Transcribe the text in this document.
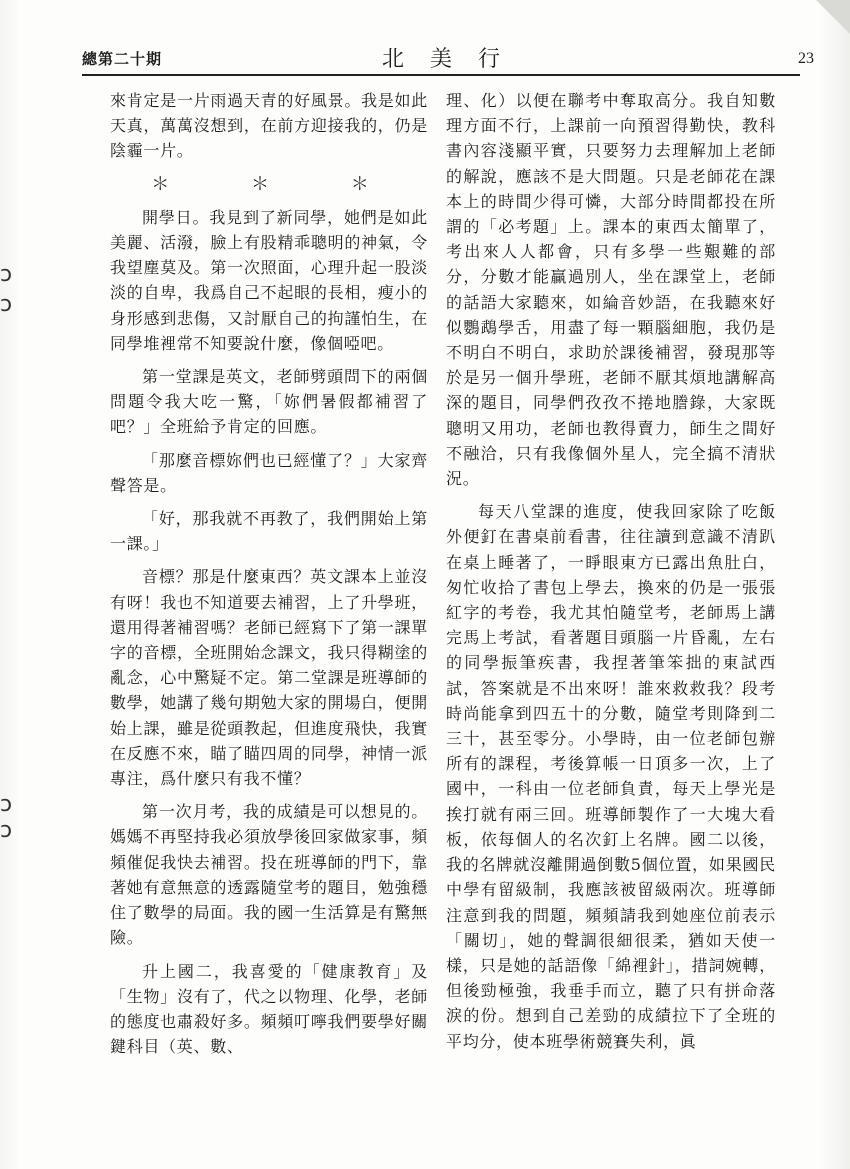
ↄ
ↄ
ↄ
ↄ
總第二十期	北美行	23

來肯定是一片雨過天青的好風景。我是如此天真，萬萬沒想到，在前方迎接我的，仍是陰霾一片。

＊ ＊ ＊

開學日。我見到了新同學，她們是如此美麗、活潑，臉上有股精乖聰明的神氣，令我望塵莫及。第一次照面，心理升起一股淡淡的自卑，我爲自己不起眼的長相，瘦小的身形感到悲傷，又討厭自己的拘謹怕生，在同學堆裡常不知要說什麼，像個啞吧。

第一堂課是英文，老師劈頭問下的兩個問題令我大吃一驚，「妳們暑假都補習了吧？」全班給予肯定的回應。

「那麼音標妳們也已經懂了？」大家齊聲答是。

「好，那我就不再教了，我們開始上第一課。」

音標？那是什麼東西？英文課本上並沒有呀！我也不知道要去補習，上了升學班，還用得著補習嗎？老師已經寫下了第一課單字的音標，全班開始念課文，我只得糊塗的亂念，心中驚疑不定。第二堂課是班導師的數學，她講了幾句期勉大家的開場白，便開始上課，雖是從頭教起，但進度飛快，我實在反應不來，瞄了瞄四周的同學，神情一派專注，爲什麼只有我不懂？

第一次月考，我的成績是可以想見的。媽媽不再堅持我必須放學後回家做家事，頻頻催促我快去補習。投在班導師的門下，靠著她有意無意的透露隨堂考的題目，勉強穩住了數學的局面。我的國一生活算是有驚無險。

升上國二，我喜愛的「健康教育」及「生物」沒有了，代之以物理、化學，老師的態度也肅殺好多。頻頻叮嚀我們要學好關鍵科目（英、數、

理、化）以便在聯考中奪取高分。我自知數理方面不行，上課前一向預習得勤快，教科書內容淺顯平實，只要努力去理解加上老師的解說，應該不是大問題。只是老師花在課本上的時間少得可憐，大部分時間都投在所謂的「必考題」上。課本的東西太簡單了，考出來人人都會，只有多學一些艱難的部分，分數才能贏過別人，坐在課堂上，老師的話語大家聽來，如綸音妙語，在我聽來好似鸚鵡學舌，用盡了每一顆腦細胞，我仍是不明白不明白，求助於課後補習，發現那等於是另一個升學班，老師不厭其煩地講解高深的題目，同學們孜孜不捲地謄錄，大家既聰明又用功，老師也教得賣力，師生之間好不融洽，只有我像個外星人，完全搞不清狀況。

每天八堂課的進度，使我回家除了吃飯外便釘在書桌前看書，往往讀到意識不清趴在桌上睡著了，一睜眼東方已露出魚肚白，匆忙收拾了書包上學去，換來的仍是一張張紅字的考卷，我尤其怕隨堂考，老師馬上講完馬上考試，看著題目頭腦一片昏亂，左右的同學振筆疾書，我捏著筆笨拙的東試西試，答案就是不出來呀！誰來救救我？段考時尚能拿到四五十的分數，隨堂考則降到二三十，甚至零分。小學時，由一位老師包辦所有的課程，考後算帳一日頂多一次，上了國中，一科由一位老師負責，每天上學光是挨打就有兩三回。班導師製作了一大塊大看板，依每個人的名次釘上名牌。國二以後，我的名牌就沒離開過倒數5個位置，如果國民中學有留級制，我應該被留級兩次。班導師注意到我的問題，頻頻請我到她座位前表示「關切」，她的聲調很細很柔，猶如天使一樣，只是她的話語像「綿裡針」，措詞婉轉，但後勁極強，我垂手而立，聽了只有拼命落淚的份。想到自己差勁的成績拉下了全班的平均分，使本班學術競賽失利，眞
